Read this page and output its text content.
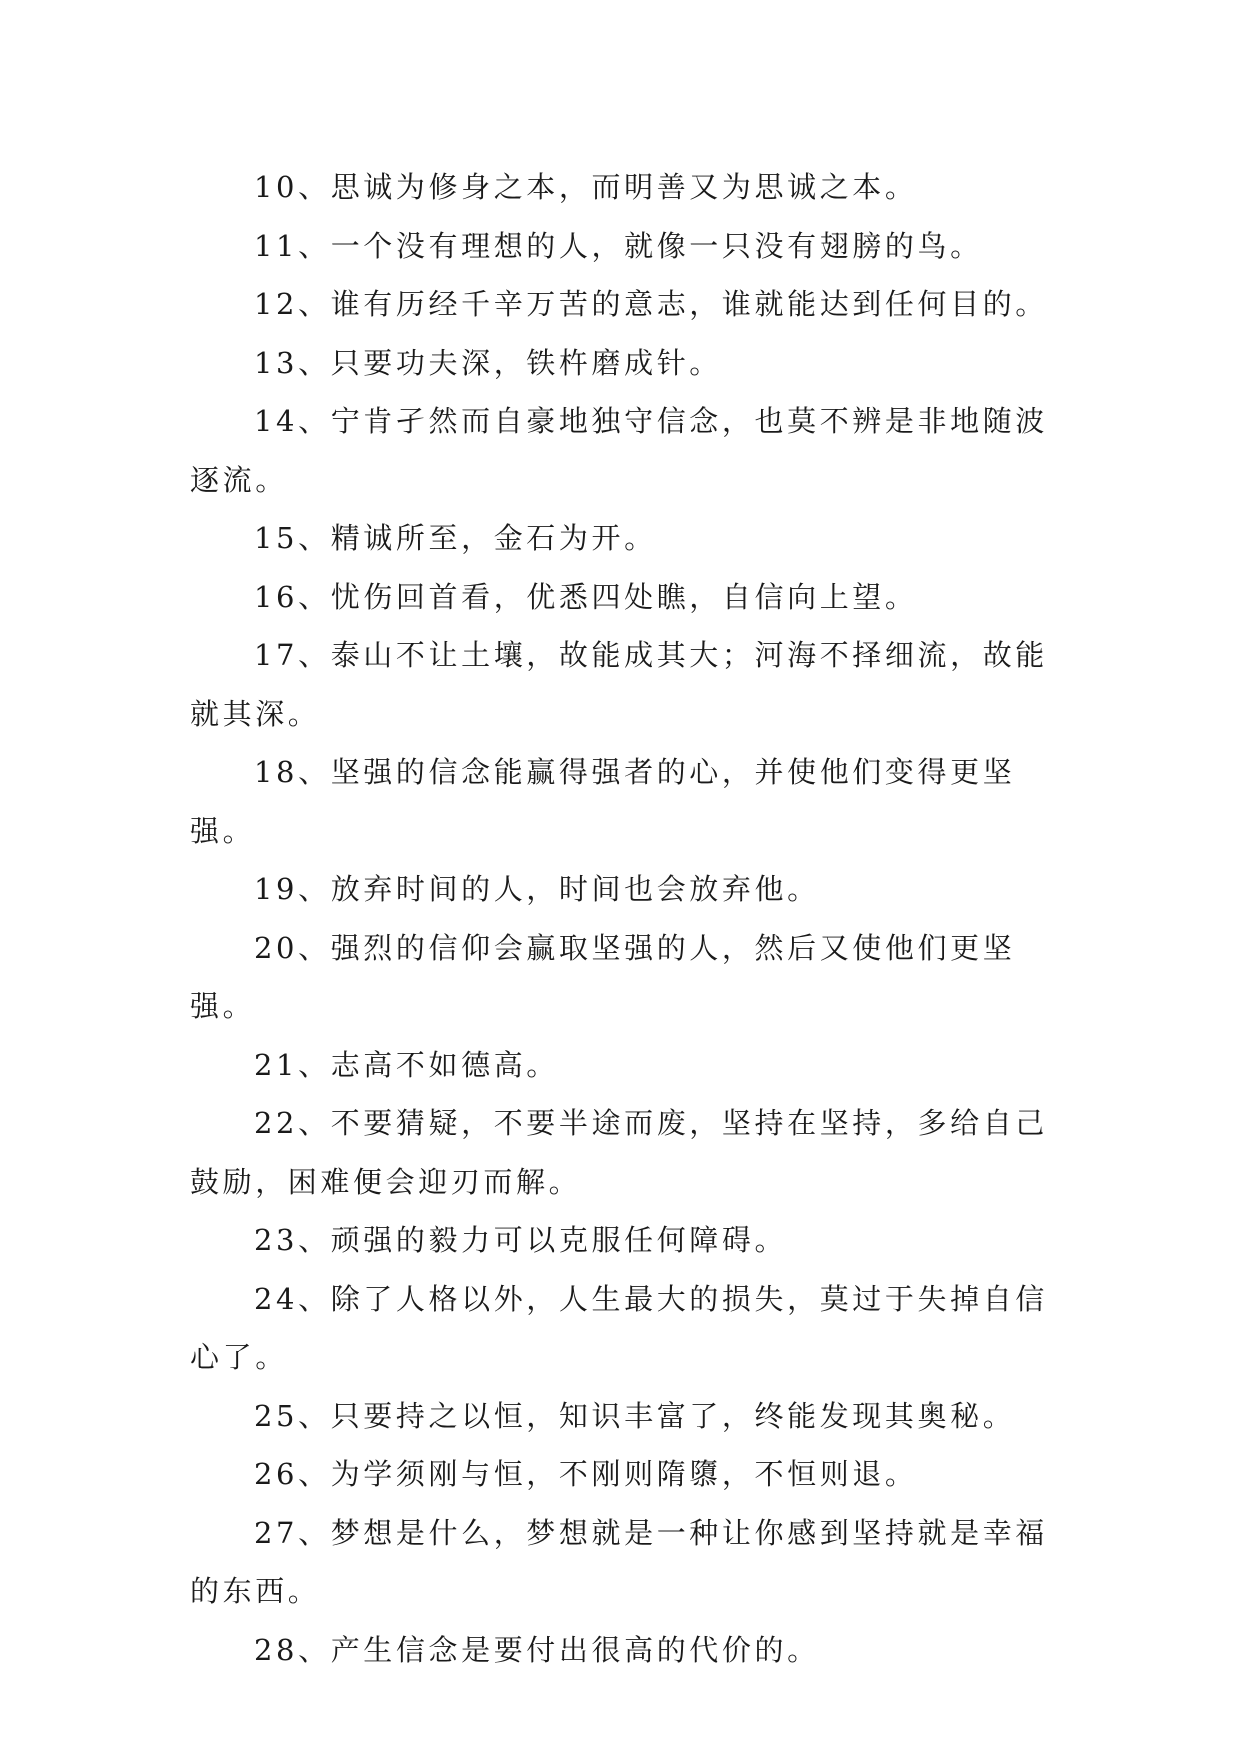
10、思诚为修身之本，而明善又为思诚之本。

11、一个没有理想的人，就像一只没有翅膀的鸟。

12、谁有历经千辛万苦的意志，谁就能达到任何目的。

13、只要功夫深，铁杵磨成针。

14、宁肯孑然而自豪地独守信念，也莫不辨是非地随波逐流。

15、精诚所至，金石为开。

16、忧伤回首看，优悉四处瞧，自信向上望。

17、泰山不让土壤，故能成其大；河海不择细流，故能就其深。

18、坚强的信念能赢得强者的心，并使他们变得更坚强。

19、放弃时间的人，时间也会放弃他。

20、强烈的信仰会赢取坚强的人，然后又使他们更坚强。

21、志高不如德高。

22、不要猜疑，不要半途而废，坚持在坚持，多给自己鼓励，困难便会迎刃而解。

23、顽强的毅力可以克服任何障碍。

24、除了人格以外，人生最大的损失，莫过于失掉自信心了。

25、只要持之以恒，知识丰富了，终能发现其奥秘。

26、为学须刚与恒，不刚则隋隳，不恒则退。

27、梦想是什么，梦想就是一种让你感到坚持就是幸福的东西。

28、产生信念是要付出很高的代价的。
